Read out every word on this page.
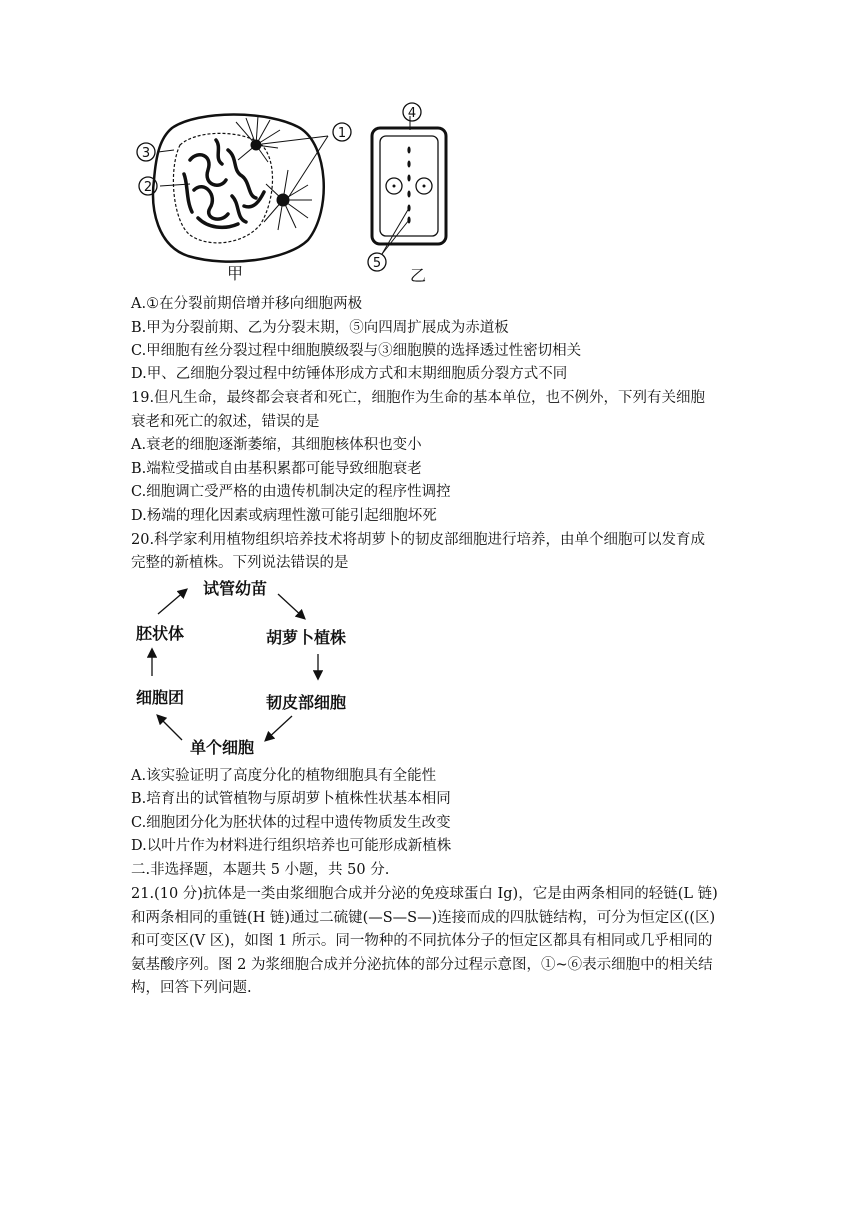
3
2
1
4
5
甲	乙
A.①在分裂前期倍增并移向细胞两极
B.甲为分裂前期、乙为分裂末期，⑤向四周扩展成为赤道板
C.甲细胞有丝分裂过程中细胞膜级裂与③细胞膜的选择透过性密切相关
D.甲、乙细胞分裂过程中纺锤体形成方式和末期细胞质分裂方式不同
19.但凡生命，最终都会衰者和死亡，细胞作为生命的基本单位，也不例外，下列有关细胞
衰老和死亡的叙述，错误的是
A.衰老的细胞逐渐萎缩，其细胞核体积也变小
B.端粒受描或自由基积累都可能导致细胞衰老
C.细胞调亡受严格的由遗传机制决定的程序性调控
D.杨端的理化因素或病理性激可能引起细胞坏死
20.科学家利用植物组织培养技术将胡萝卜的韧皮部细胞进行培养，由单个细胞可以发育成
完整的新植株。下列说法错误的是
试管幼苗
胡萝卜植株
韧皮部细胞
单个细胞
细胞团
胚状体
A.该实验证明了高度分化的植物细胞具有全能性
B.培育出的试管植物与原胡萝卜植株性状基本相同
C.细胞团分化为胚状体的过程中遗传物质发生改变
D.以叶片作为材料进行组织培养也可能形成新植株
二.非选择题，本题共 5 小题，共 50 分.
21.(10 分)抗体是一类由浆细胞合成并分泌的免疫球蛋白 Ig)，它是由两条相同的轻链(L 链)
和两条相同的重链(H 链)通过二硫键(—S—S—)连接而成的四肽链结构，可分为恒定区((区)
和可变区(V 区)，如图 1 所示。同一物种的不同抗体分子的恒定区都具有相同或几乎相同的
氨基酸序列。图 2 为浆细胞合成并分泌抗体的部分过程示意图，①~⑥表示细胞中的相关结
构，回答下列问题.
